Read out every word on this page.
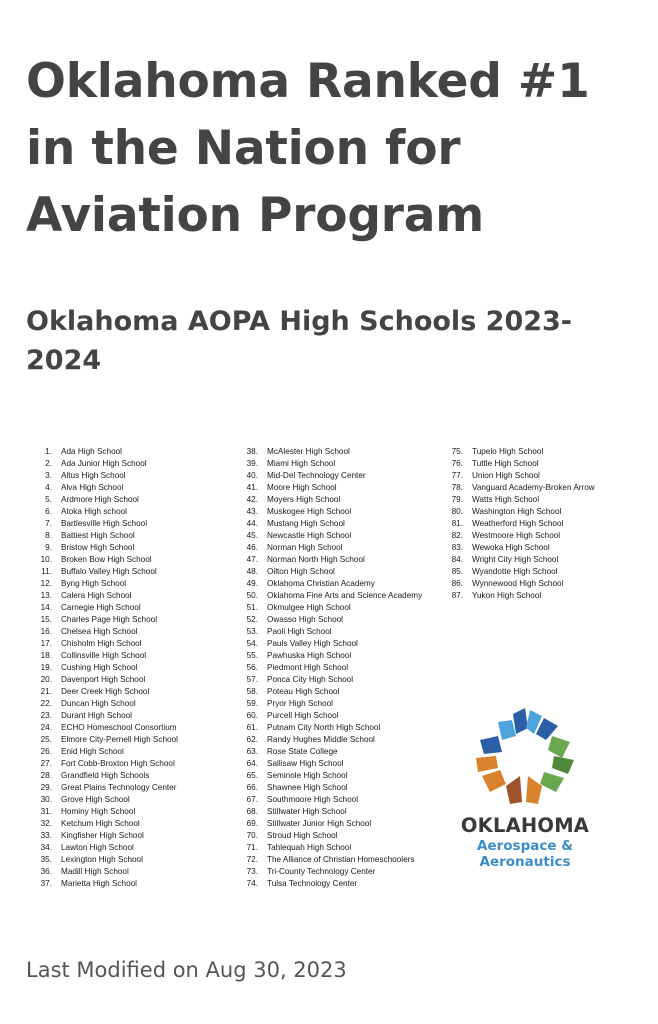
Oklahoma Ranked #1 in the Nation for Aviation Program
Oklahoma AOPA High Schools 2023-2024
1. Ada High School
2. Ada Junior High School
3. Altus High School
4. Alva High School
5. Ardmore High School
6. Atoka High school
7. Bartlesville High School
8. Battiest High School
9. Bristow High School
10. Broken Bow High School
11. Buffalo Valley High School
12. Byng High School
13. Calera High School
14. Carnegie High School
15. Charles Page High School
16. Chelsea High School
17. Chisholm High School
18. Collinsville High School
19. Cushing High School
20. Davenport High School
21. Deer Creek High School
22. Duncan High School
23. Durant High School
24. ECHO Homeschool Consortium
25. Elmore City-Pernell High School
26. Enid High School
27. Fort Cobb-Broxton High School
28. Grandfield High Schools
29. Great Plains Technology Center
30. Grove High School
31. Hominy High School
32. Ketchum High School
33. Kingfisher High School
34. Lawton High School
35. Lexington High School
36. Madill High School
37. Marietta High School
38. McAlester High School
39. Miami High School
40. Mid-Del Technology Center
41. Moore High School
42. Moyers High School
43. Muskogee High School
44. Mustang High School
45. Newcastle High School
46. Norman High School
47. Norman North High School
48. Oilton High School
49. Oklahoma Christian Academy
50. Oklahoma Fine Arts and Science Academy
51. Okmulgee High School
52. Owasso High School
53. Paoli High School
54. Pauls Valley High School
55. Pawhuska High School
56. Piedmont High School
57. Ponca City High School
58. Poteau High School
59. Pryor High School
60. Purcell High School
61. Putnam City North High School
62. Randy Hughes Middle School
63. Rose State College
64. Sallisaw High School
65. Seminole High School
66. Shawnee High School
67. Southmoore High School
68. Stillwater High School
69. Stillwater Junior High School
70. Stroud High School
71. Tahlequah High School
72. The Alliance of Christian Homeschoolers
73. Tri-County Technology Center
74. Tulsa Technology Center
75. Tupelo High School
76. Tuttle High School
77. Union High School
78. Vanguard Academy-Broken Arrow
79. Watts High School
80. Washington High School
81. Weatherford High School
82. Westmoore High School
83. Wewoka High School
84. Wright City High School
85. Wyandotte High School
86. Wynnewood High School
87. Yukon High School
OKLAHOMA
Aerospace &
Aeronautics

Last Modified on Aug 30, 2023
